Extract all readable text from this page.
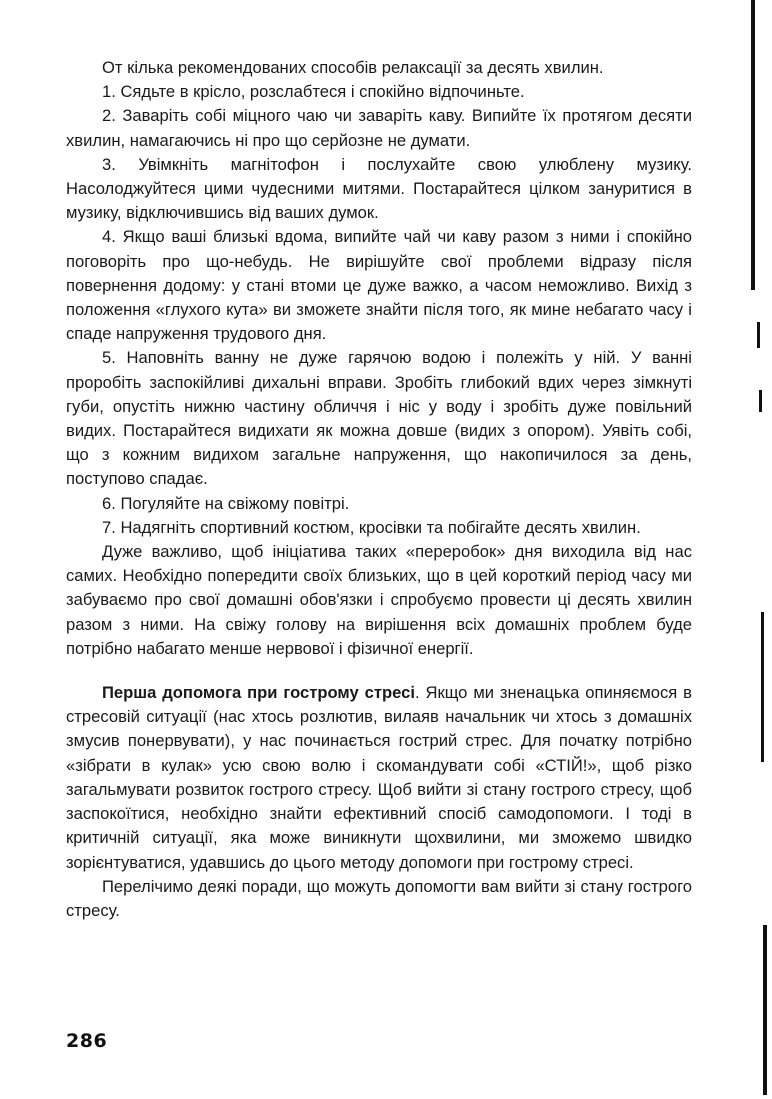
От кілька рекомендованих способів релаксації за десять хвилин.

1. Сядьте в крісло, розслабтеся і спокійно відпочиньте.

2. Заваріть собі міцного чаю чи заваріть каву. Випийте їх протягом десяти хвилин, намагаючись ні про що серйозне не думати.

3. Увімкніть магнітофон і послухайте свою улюблену музику. Насолоджуйтеся цими чудесними митями. Постарайтеся цілком зануритися в музику, відключившись від ваших думок.

4. Якщо ваші близькі вдома, випийте чай чи каву разом з ними і спокійно поговоріть про що-небудь. Не вирішуйте свої проблеми відразу після повернення додому: у стані втоми це дуже важко, а часом неможливо. Вихід з положення «глухого кута» ви зможете знайти після того, як мине небагато часу і спаде напруження трудового дня.

5. Наповніть ванну не дуже гарячою водою і полежіть у ній. У ванні проробіть заспокійливі дихальні вправи. Зробіть глибокий вдих через зімкнуті губи, опустіть нижню частину обличчя і ніс у воду і зробіть дуже повільний видих. Постарайтеся видихати як можна довше (видих з опором). Уявіть собі, що з кожним видихом загальне напруження, що накопичилося за день, поступово спадає.

6. Погуляйте на свіжому повітрі.

7. Надягніть спортивний костюм, кросівки та побігайте десять хвилин.

Дуже важливо, щоб ініціатива таких «переробок» дня виходила від нас самих. Необхідно попередити своїх близьких, що в цей короткий період часу ми забуваємо про свої домашні обов'язки і спробуємо провести ці десять хвилин разом з ними. На свіжу голову на вирішення всіх домашніх проблем буде потрібно набагато менше нервової і фізичної енергії.

Перша допомога при гострому стресі. Якщо ми зненацька опиняємося в стресовій ситуації (нас хтось розлютив, вилаяв начальник чи хтось з домашніх змусив понервувати), у нас починається гострий стрес. Для початку потрібно «зібрати в кулак» усю свою волю і скомандувати собі «СТІЙ!», щоб різко загальмувати розвиток гострого стресу. Щоб вийти зі стану гострого стресу, щоб заспокоїтися, необхідно знайти ефективний спосіб самодопомоги. І тоді в критичній ситуації, яка може виникнути щохвилини, ми зможемо швидко зорієнтуватися, удавшись до цього методу допомоги при гострому стресі.

Перелічимо деякі поради, що можуть допомогти вам вийти зі стану гострого стресу.

286
